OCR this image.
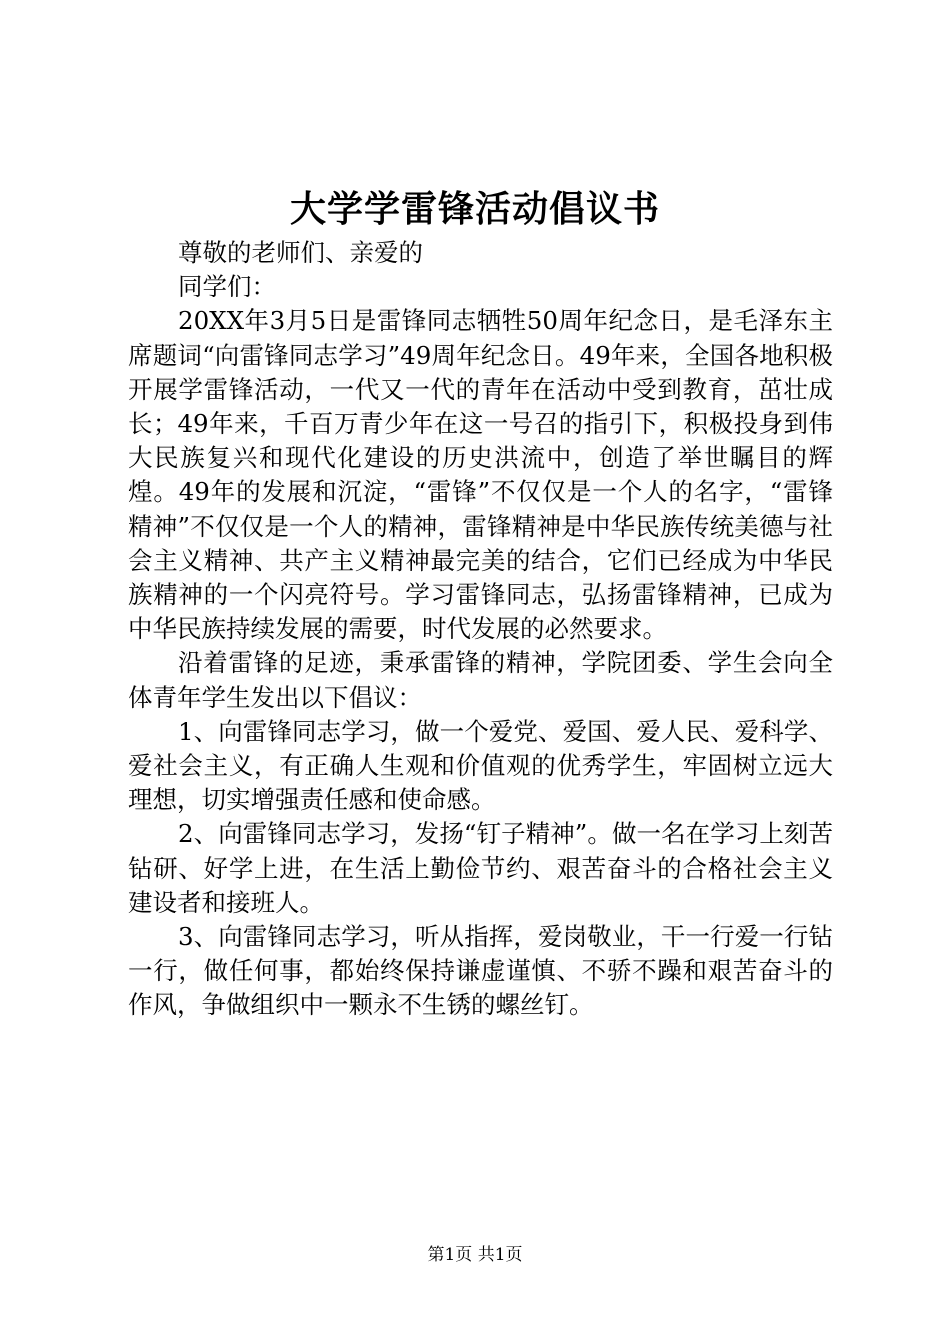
大学学雷锋活动倡议书

尊敬的老师们、亲爱的

同学们：

20XX年3月5日是雷锋同志牺牲50周年纪念日，是毛泽东主席题词“向雷锋同志学习”49周年纪念日。49年来，全国各地积极开展学雷锋活动，一代又一代的青年在活动中受到教育，茁壮成长；49年来，千百万青少年在这一号召的指引下，积极投身到伟大民族复兴和现代化建设的历史洪流中，创造了举世瞩目的辉煌。49年的发展和沉淀，“雷锋”不仅仅是一个人的名字，“雷锋精神”不仅仅是一个人的精神，雷锋精神是中华民族传统美德与社会主义精神、共产主义精神最完美的结合，它们已经成为中华民族精神的一个闪亮符号。学习雷锋同志，弘扬雷锋精神，已成为中华民族持续发展的需要，时代发展的必然要求。

沿着雷锋的足迹，秉承雷锋的精神，学院团委、学生会向全体青年学生发出以下倡议：

1、向雷锋同志学习，做一个爱党、爱国、爱人民、爱科学、爱社会主义，有正确人生观和价值观的优秀学生，牢固树立远大理想，切实增强责任感和使命感。

2、向雷锋同志学习，发扬“钉子精神”。做一名在学习上刻苦钻研、好学上进，在生活上勤俭节约、艰苦奋斗的合格社会主义建设者和接班人。

3、向雷锋同志学习，听从指挥，爱岗敬业，干一行爱一行钻一行，做任何事，都始终保持谦虚谨慎、不骄不躁和艰苦奋斗的作风，争做组织中一颗永不生锈的螺丝钉。

第1页 共1页
